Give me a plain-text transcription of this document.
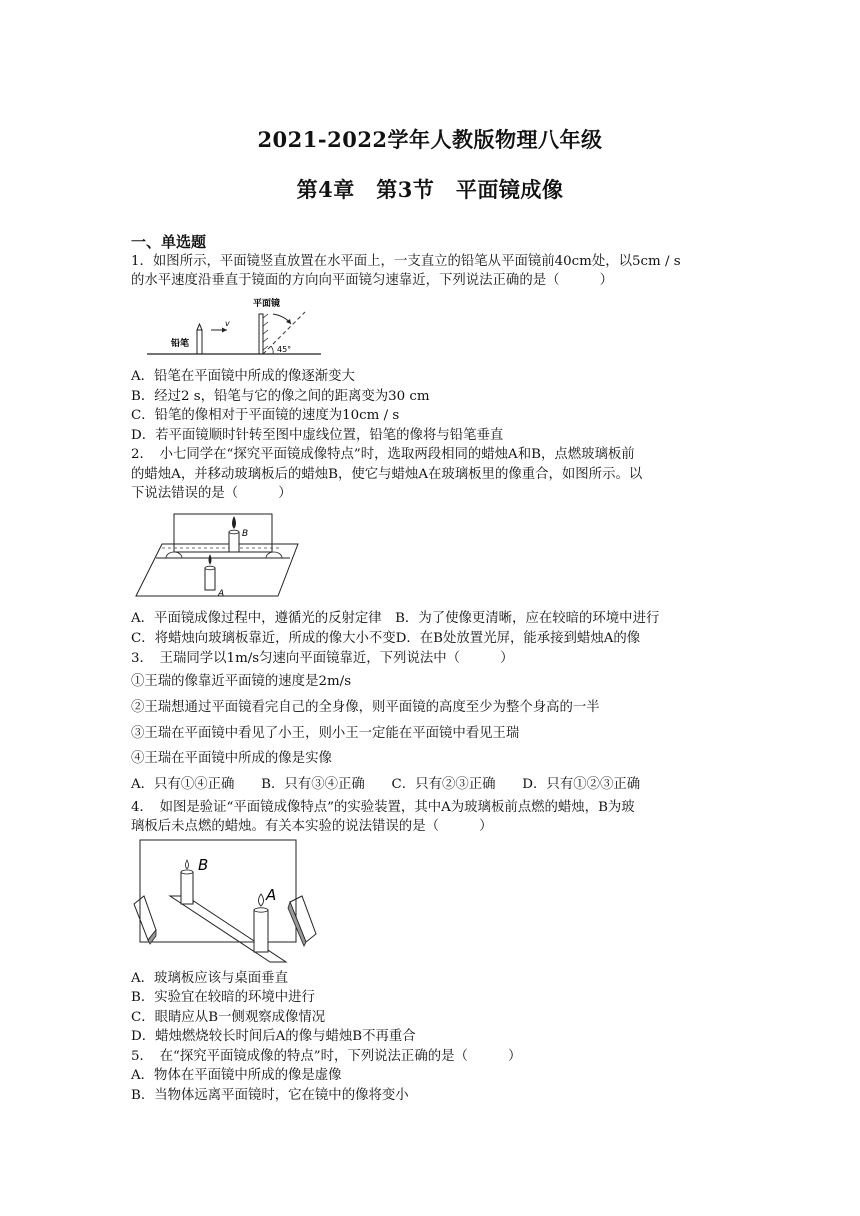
2021-2022学年人教版物理八年级
第4章　第3节　平面镜成像
一、单选题
1．如图所示，平面镜竖直放置在水平面上，一支直立的铅笔从平面镜前40cm处，以5cm / s
的水平速度沿垂直于镜面的方向向平面镜匀速靠近，下列说法正确的是（　　　）
平面镜
铅笔
v
45°
A．铅笔在平面镜中所成的像逐渐变大
B．经过2 s，铅笔与它的像之间的距离变为30 cm
C．铅笔的像相对于平面镜的速度为10cm / s
D．若平面镜顺时针转至图中虚线位置，铅笔的像将与铅笔垂直
2．　小七同学在“探究平面镜成像特点”时，选取两段相同的蜡烛A和B，点燃玻璃板前
的蜡烛A，并移动玻璃板后的蜡烛B，使它与蜡烛A在玻璃板里的像重合，如图所示。以
下说法错误的是（　　　）
B
A
A．平面镜成像过程中，遵循光的反射定律　B．为了使像更清晰，应在较暗的环境中进行
C．将蜡烛向玻璃板靠近，所成的像大小不变D．在B处放置光屏，能承接到蜡烛A的像
3．　王瑞同学以1m/s匀速向平面镜靠近，下列说法中（　　　）
①王瑞的像靠近平面镜的速度是2m/s
②王瑞想通过平面镜看完自己的全身像，则平面镜的高度至少为整个身高的一半
③王瑞在平面镜中看见了小王，则小王一定能在平面镜中看见王瑞
④王瑞在平面镜中所成的像是实像
A．只有①④正确　　B．只有③④正确　　C．只有②③正确　　D．只有①②③正确
4．　如图是验证“平面镜成像特点”的实验装置，其中A为玻璃板前点燃的蜡烛，B为玻
璃板后未点燃的蜡烛。有关本实验的说法错误的是（　　　）
B
A
A．玻璃板应该与桌面垂直
B．实验宜在较暗的环境中进行
C．眼睛应从B一侧观察成像情况
D．蜡烛燃烧较长时间后A的像与蜡烛B不再重合
5．　在“探究平面镜成像的特点”时，下列说法正确的是（　　　）
A．物体在平面镜中所成的像是虚像
B．当物体远离平面镜时，它在镜中的像将变小
